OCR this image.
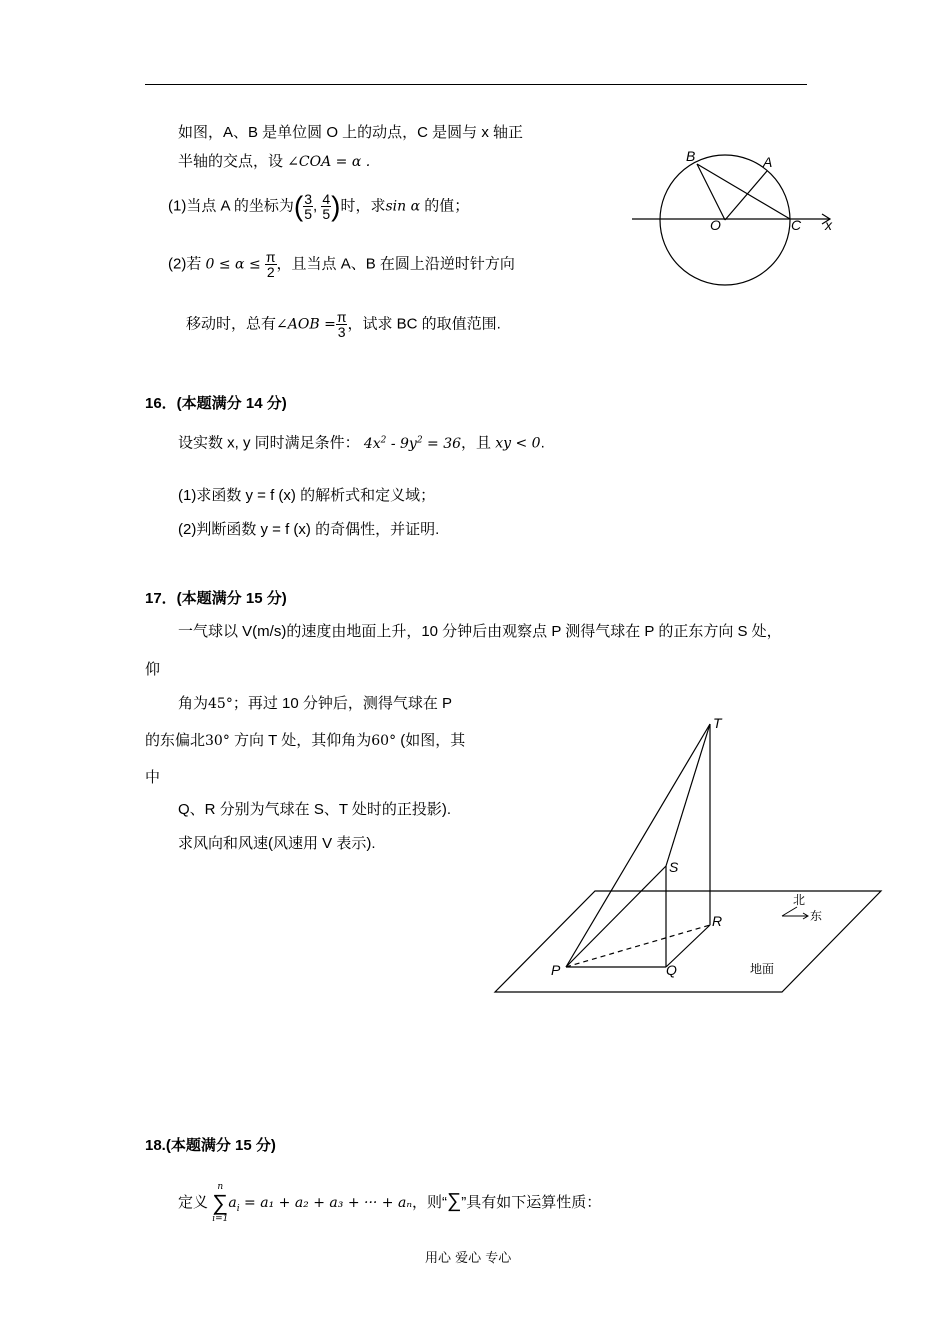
如图，A、B 是单位圆 O 上的动点，C 是圆与 x 轴正
半轴的交点，设 ∠COA = α .
(1)当点 A 的坐标为( $\frac{3}{5}$ , $\frac{4}{5}$ )时，求sin α 的值；
(2)若 $0 \le \alpha \le \frac{\pi}{2}$ ，且当点 A、B 在圆上沿逆时针方向
移动时，总有∠AOB = $\frac{\pi}{3}$ ，试求 BC 的取值范围.
B	A
O	C x
16．(本题满分 14 分)
设实数 x, y 同时满足条件： $4x^2 - 9y^2 = 36$，且 xy < 0.
(1)求函数 y = f (x) 的解析式和定义域；
(2)判断函数 y = f (x) 的奇偶性，并证明.
17．(本题满分 15 分)
一气球以 V(m/s)的速度由地面上升，10 分钟后由观察点 P 测得气球在 P 的正东方向 S 处，
仰
角为45°；再过 10 分钟后，测得气球在 P
的东偏北30° 方向 T 处，其仰角为60° (如图，其
中
Q、R 分别为气球在 S、T 处时的正投影).
求风向和风速(风速用 V 表示).
T
S
R
P	Q
北
东
地面
18.(本题满分 15 分)
定义
n
∑
i=1
$a_i = a_1 + a_2 + a_3$ + ··· + aₙ，则“∑”具有如下运算性质：
用心 爱心 专心
